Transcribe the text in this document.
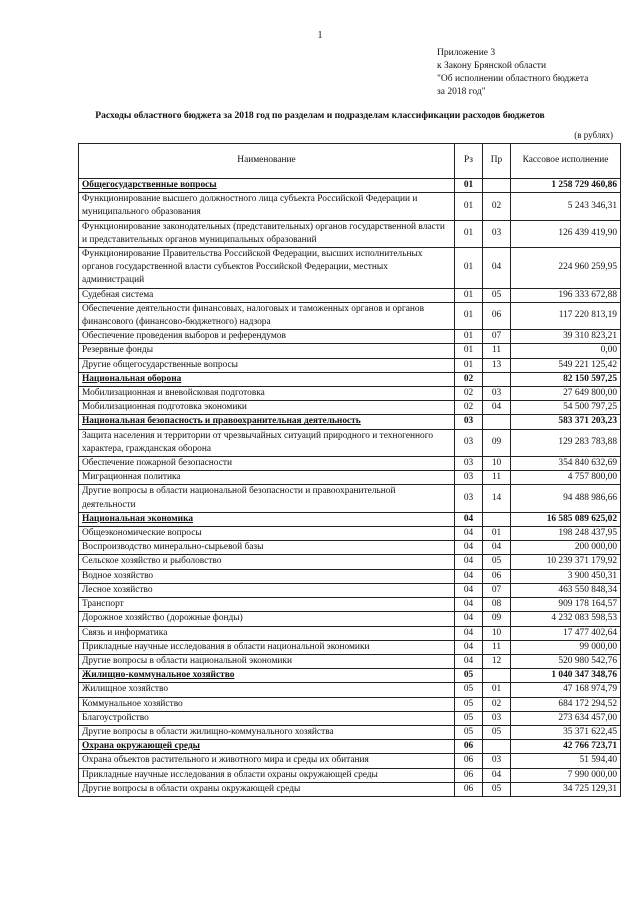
1
Приложение 3
к Закону Брянской области
"Об исполнении областного бюджета
за 2018 год"
Расходы областного бюджета за 2018 год по разделам и подразделам классификации расходов бюджетов
(в рублях)
Наименование	Рз	Пр	Кассовое исполнение
Общегосударственные вопросы	01		1 258 729 460,86
Функционирование высшего должностного лица субъекта Российской Федерации и муниципального образования	01	02	5 243 346,31
Функционирование законодательных (представительных) органов государственной власти и представительных органов муниципальных образований	01	03	126 439 419,90
Функционирование Правительства Российской Федерации, высших исполнительных органов государственной власти субъектов Российской Федерации, местных администраций	01	04	224 960 259,95
Судебная система	01	05	196 333 672,88
Обеспечение деятельности финансовых, налоговых и таможенных органов и органов финансового (финансово-бюджетного) надзора	01	06	117 220 813,19
Обеспечение проведения выборов и референдумов	01	07	39 310 823,21
Резервные фонды	01	11	0,00
Другие общегосударственные вопросы	01	13	549 221 125,42
Национальная оборона	02		82 150 597,25
Мобилизационная и вневойсковая подготовка	02	03	27 649 800,00
Мобилизационная подготовка экономики	02	04	54 500 797,25
Национальная безопасность и правоохранительная деятельность	03		583 371 203,23
Защита населения и территории от чрезвычайных ситуаций природного и техногенного характера, гражданская оборона	03	09	129 283 783,88
Обеспечение пожарной безопасности	03	10	354 840 632,69
Миграционная политика	03	11	4 757 800,00
Другие вопросы в области национальной безопасности и правоохранительной деятельности	03	14	94 488 986,66
Национальная экономика	04		16 585 089 625,02
Общеэкономические вопросы	04	01	198 248 437,95
Воспроизводство минерально-сырьевой базы	04	04	200 000,00
Сельское хозяйство и рыболовство	04	05	10 239 371 179,92
Водное хозяйство	04	06	3 900 450,31
Лесное хозяйство	04	07	463 550 848,34
Транспорт	04	08	909 178 164,57
Дорожное хозяйство (дорожные фонды)	04	09	4 232 083 598,53
Связь и информатика	04	10	17 477 402,64
Прикладные научные исследования в области национальной экономики	04	11	99 000,00
Другие вопросы в области национальной экономики	04	12	520 980 542,76
Жилищно-коммунальное хозяйство	05		1 040 347 348,76
Жилищное хозяйство	05	01	47 168 974,79
Коммунальное хозяйство	05	02	684 172 294,52
Благоустройство	05	03	273 634 457,00
Другие вопросы в области жилищно-коммунального хозяйства	05	05	35 371 622,45
Охрана окружающей среды	06		42 766 723,71
Охрана объектов растительного и животного мира и среды их обитания	06	03	51 594,40
Прикладные научные исследования в области охраны окружающей среды	06	04	7 990 000,00
Другие вопросы в области охраны окружающей среды	06	05	34 725 129,31
